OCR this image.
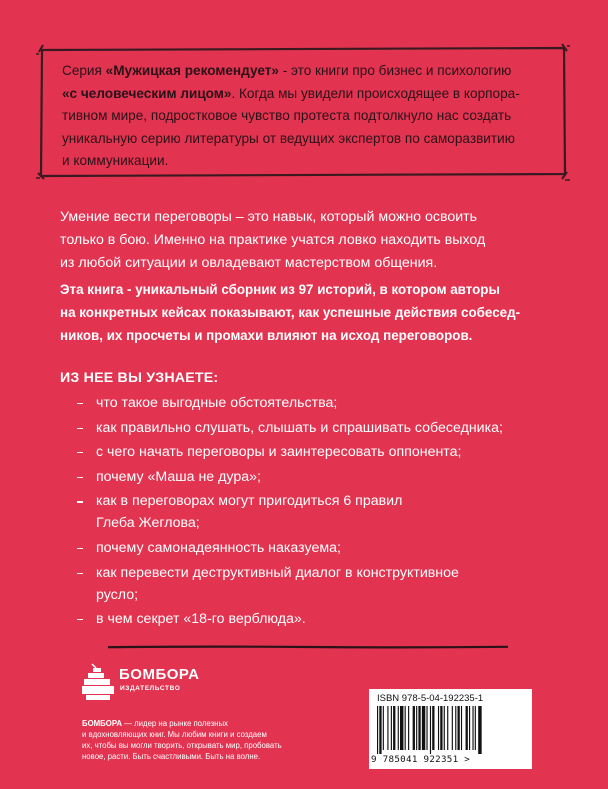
Серия «Мужицкая рекомендует» - это книги про бизнес и психологию
«с человеческим лицом». Когда мы увидели происходящее в корпора-
тивном мире, подростковое чувство протеста подтолкнуло нас создать
уникальную серию литературы от ведущих экспертов по саморазвитию
и коммуникации.
Умение вести переговоры – это навык, который можно освоить
только в бою. Именно на практике учатся ловко находить выход
из любой ситуации и овладевают мастерством общения.
Эта книга - уникальный сборник из 97 историй, в котором авторы
на конкретных кейсах показывают, как успешные действия собесед-
ников, их просчеты и промахи влияют на исход переговоров.
ИЗ НЕЕ ВЫ УЗНАЕТЕ:
что такое выгодные обстоятельства;
как правильно слушать, слышать и спрашивать собеседника;
с чего начать переговоры и заинтересовать оппонента;
почему «Маша не дура»;
как в переговорах могут пригодиться 6 правил
Глеба Жеглова;
почему самонадеянность наказуема;
как перевести деструктивный диалог в конструктивное
русло;
в чем секрет «18-го верблюда».
БОМБОРА
ИЗДАТЕЛЬСТВО
БОМБОРА — лидер на рынке полезных
и вдохновляющих книг. Мы любим книги и создаем
их, чтобы вы могли творить, открывать мир, пробовать
новое, расти. Быть счастливыми. Быть на волне.
ISBN 978-5-04-192235-1
9 785041 922351 >
